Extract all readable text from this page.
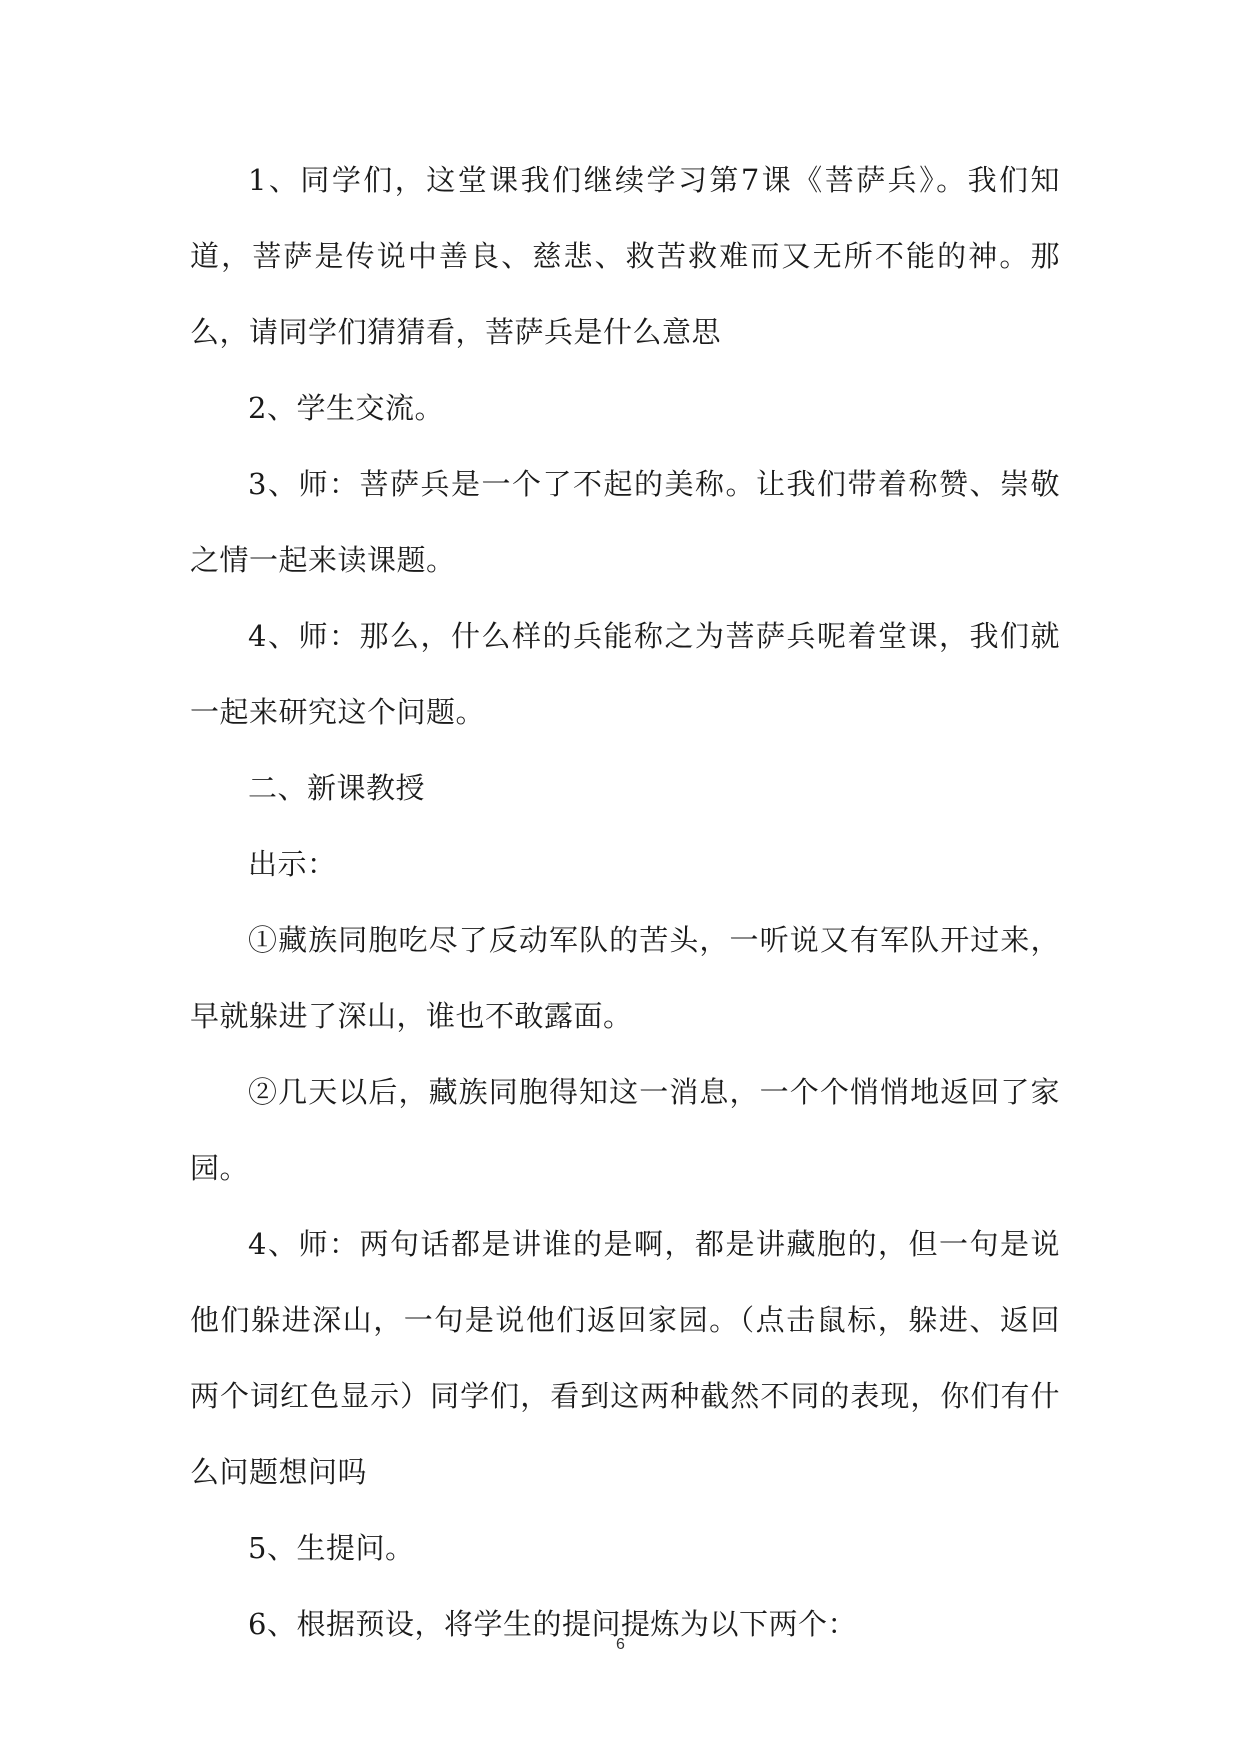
1、同学们，这堂课我们继续学习第7课《菩萨兵》。我们知道，菩萨是传说中善良、慈悲、救苦救难而又无所不能的神。那么，请同学们猜猜看，菩萨兵是什么意思

2、学生交流。

3、师：菩萨兵是一个了不起的美称。让我们带着称赞、崇敬之情一起来读课题。

4、师：那么，什么样的兵能称之为菩萨兵呢着堂课，我们就一起来研究这个问题。

二、新课教授

出示：

①藏族同胞吃尽了反动军队的苦头，一听说又有军队开过来，早就躲进了深山，谁也不敢露面。

②几天以后，藏族同胞得知这一消息，一个个悄悄地返回了家园。

4、师：两句话都是讲谁的是啊，都是讲藏胞的，但一句是说他们躲进深山，一句是说他们返回家园。（点击鼠标，躲进、返回两个词红色显示）同学们，看到这两种截然不同的表现，你们有什么问题想问吗

5、生提问。

6、根据预设，将学生的提问提炼为以下两个：

6
